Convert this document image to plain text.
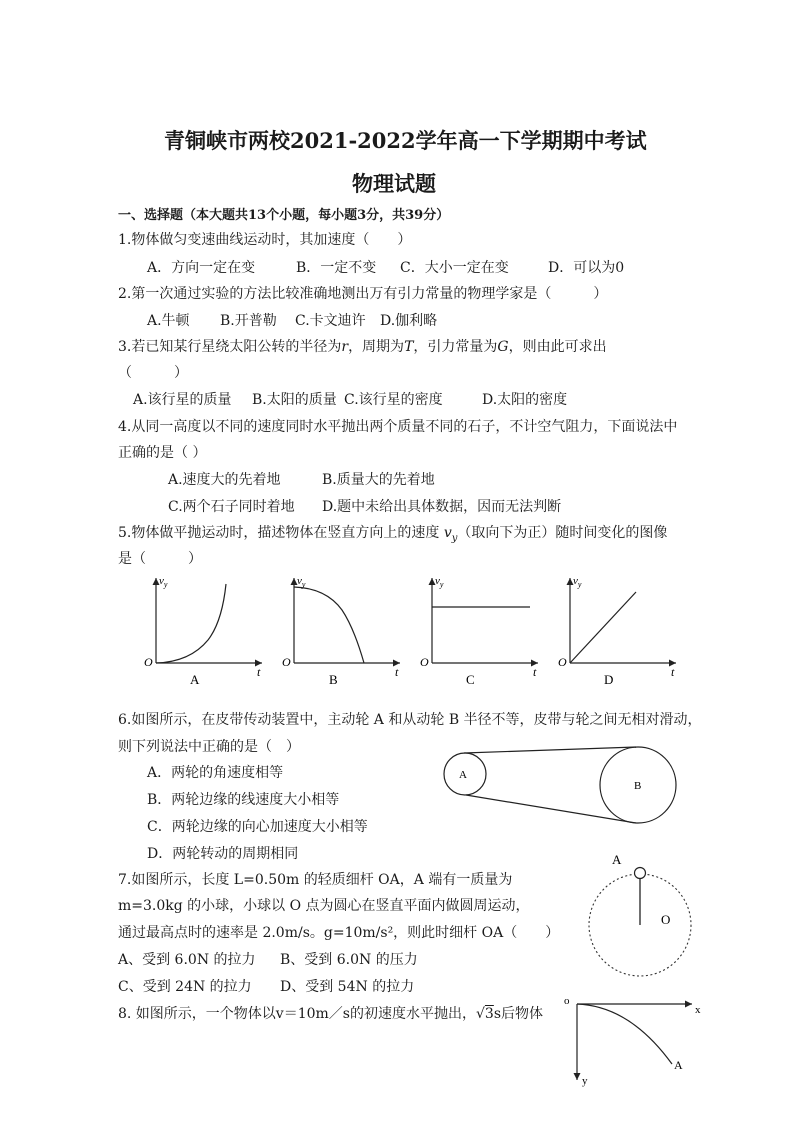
青铜峡市两校2021-2022学年高一下学期期中考试
物理试题
一、选择题（本大题共13个小题，每小题3分，共39分）
1.物体做匀变速曲线运动时，其加速度（　　）
A．方向一定在变	B．一定不变 C．大小一定在变	D．可以为0
2.第一次通过实验的方法比较准确地测出万有引力常量的物理学家是（　　　）
A.牛顿 B.开普勒 C.卡文迪许 D.伽利略
3.若已知某行星绕太阳公转的半径为r，周期为T，引力常量为G，则由此可求出
（　　　）
A.该行星的质量 B.太阳的质量 C.该行星的密度	D.太阳的密度
4.从同一高度以不同的速度同时水平抛出两个质量不同的石子，不计空气阻力，下面说法中
正确的是（ ）
A.速度大的先着地	B.质量大的先着地
C.两个石子同时着地 D.题中未给出具体数据，因而无法判断
5.物体做平抛运动时，描述物体在竖直方向上的速度 $v_y$（取向下为正）随时间变化的图像
是（　　　）
$v_y$
O
t
A
$v_y$
O
t
B
$v_y$
O
t
C
$v_y$
O
t
D
6.如图所示，在皮带传动装置中，主动轮 A 和从动轮 B 半径不等，皮带与轮之间无相对滑动，
则下列说法中正确的是（　）
A．两轮的角速度相等
B．两轮边缘的线速度大小相等
C．两轮边缘的向心加速度大小相等
D．两轮转动的周期相同
A
B
7.如图所示，长度 L=0.50m 的轻质细杆 OA，A 端有一质量为
m=3.0kg 的小球，小球以 O 点为圆心在竖直平面内做圆周运动，
通过最高点时的速率是 2.0m/s。g=10m/s²，则此时细杆 OA（　　）
A、受到 6.0N 的拉力 B、受到 6.0N 的压力
C、受到 24N 的拉力 D、受到 54N 的拉力
A
O
8. 如图所示，一个物体以v＝10m／s的初速度水平抛出，√3s后物体
o
x
y
A
